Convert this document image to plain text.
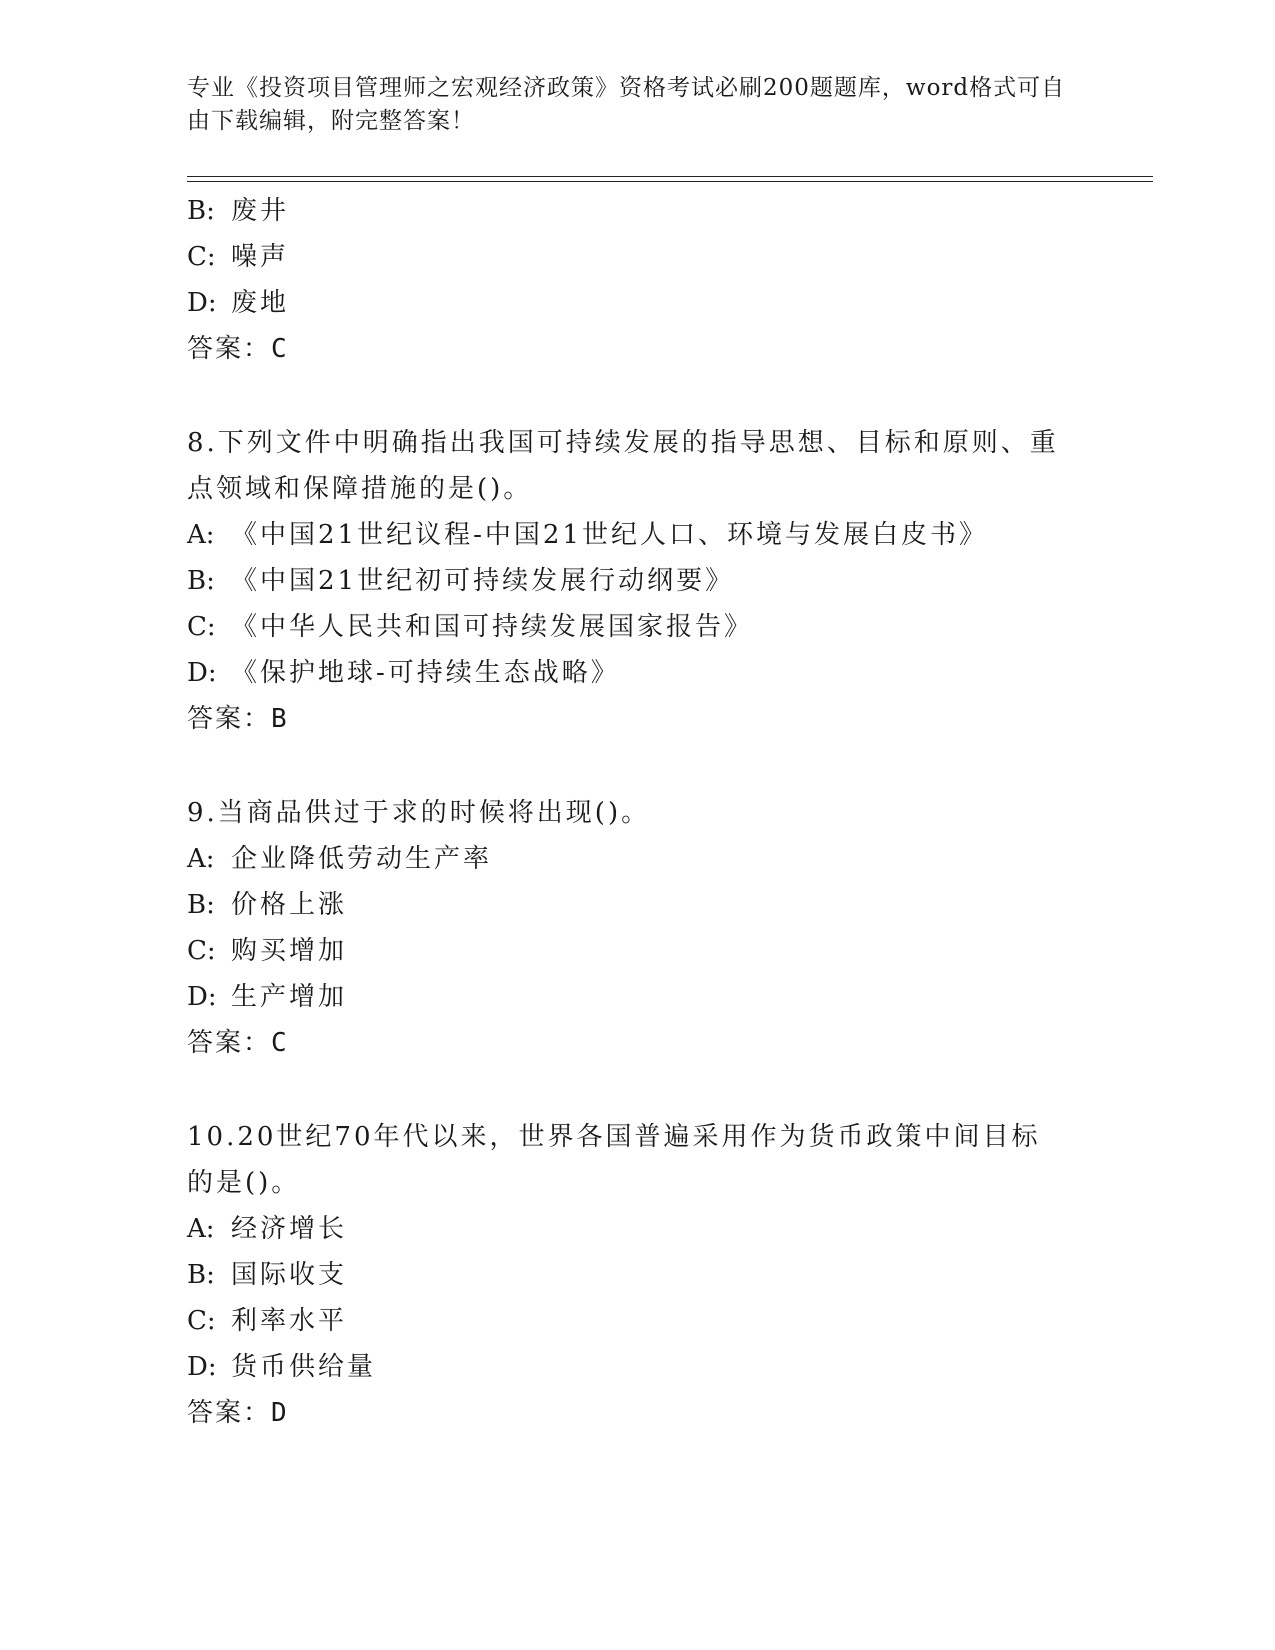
专业《投资项目管理师之宏观经济政策》资格考试必刷200题题库，word格式可自由下载编辑，附完整答案！
B: 废井
C: 噪声
D: 废地
答案：C
8.下列文件中明确指出我国可持续发展的指导思想、目标和原则、重点领域和保障措施的是()。
A: 《中国21世纪议程-中国21世纪人口、环境与发展白皮书》
B: 《中国21世纪初可持续发展行动纲要》
C: 《中华人民共和国可持续发展国家报告》
D: 《保护地球-可持续生态战略》
答案：B
9.当商品供过于求的时候将出现()。
A: 企业降低劳动生产率
B: 价格上涨
C: 购买增加
D: 生产增加
答案：C
10.20世纪70年代以来，世界各国普遍采用作为货币政策中间目标的是()。
A: 经济增长
B: 国际收支
C: 利率水平
D: 货币供给量
答案：D
